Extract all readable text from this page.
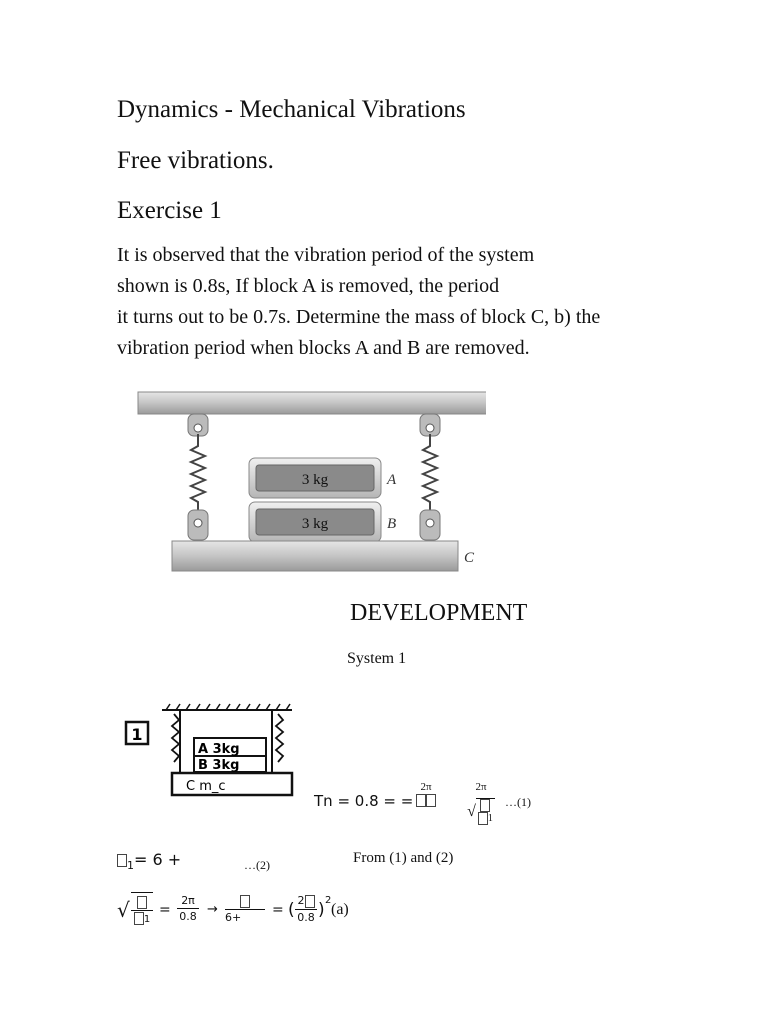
Dynamics - Mechanical Vibrations
Free vibrations.
Exercise 1
It is observed that the vibration period of the system
shown is 0.8s, If block A is removed, the period
it turns out to be 0.7s. Determine the mass of block C, b) the
vibration period when blocks A and B are removed.
3 kg
3 kg
A
B
C
DEVELOPMENT
System 1
1
A 3kg
B 3kg
C m_c
Tn = 0.8 = =
2π	2π
√ 1
…(1)
$_1$= 6 +	…(2)	From (1) and (2)
√	1
=
2π
0.8 → 6+	= ( 2
0.8 ) 2
(a)
